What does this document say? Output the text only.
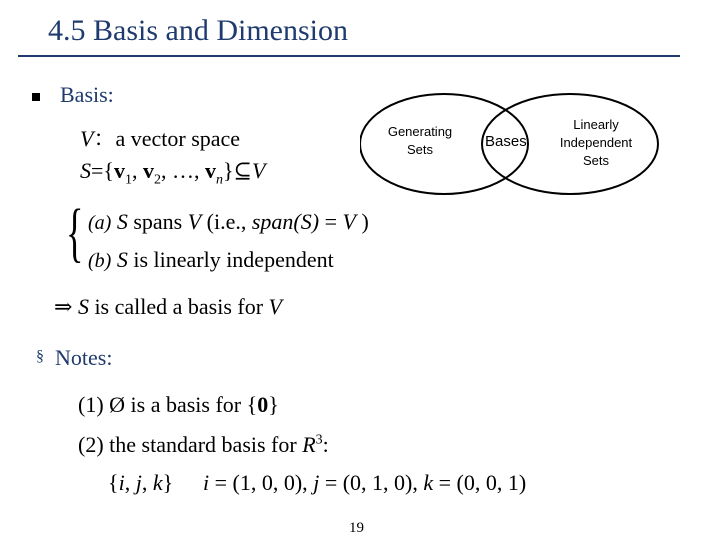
4.5 Basis and Dimension
Basis:
V：a vector space
$S=\{v_1$, $v_2$, …, $v_n\}⊆V$
Generating
Sets	Bases
Linearly
Independent
Sets
{ (a) S spans V (i.e., span(S) = V )
(b) S is linearly independent
⇒ S is called a basis for V
§ Notes:
(1) Ø is a basis for {0}
(2) the standard basis for $R^3$:
{i, j, k} i = (1, 0, 0), j = (0, 1, 0), k = (0, 0, 1)
19
